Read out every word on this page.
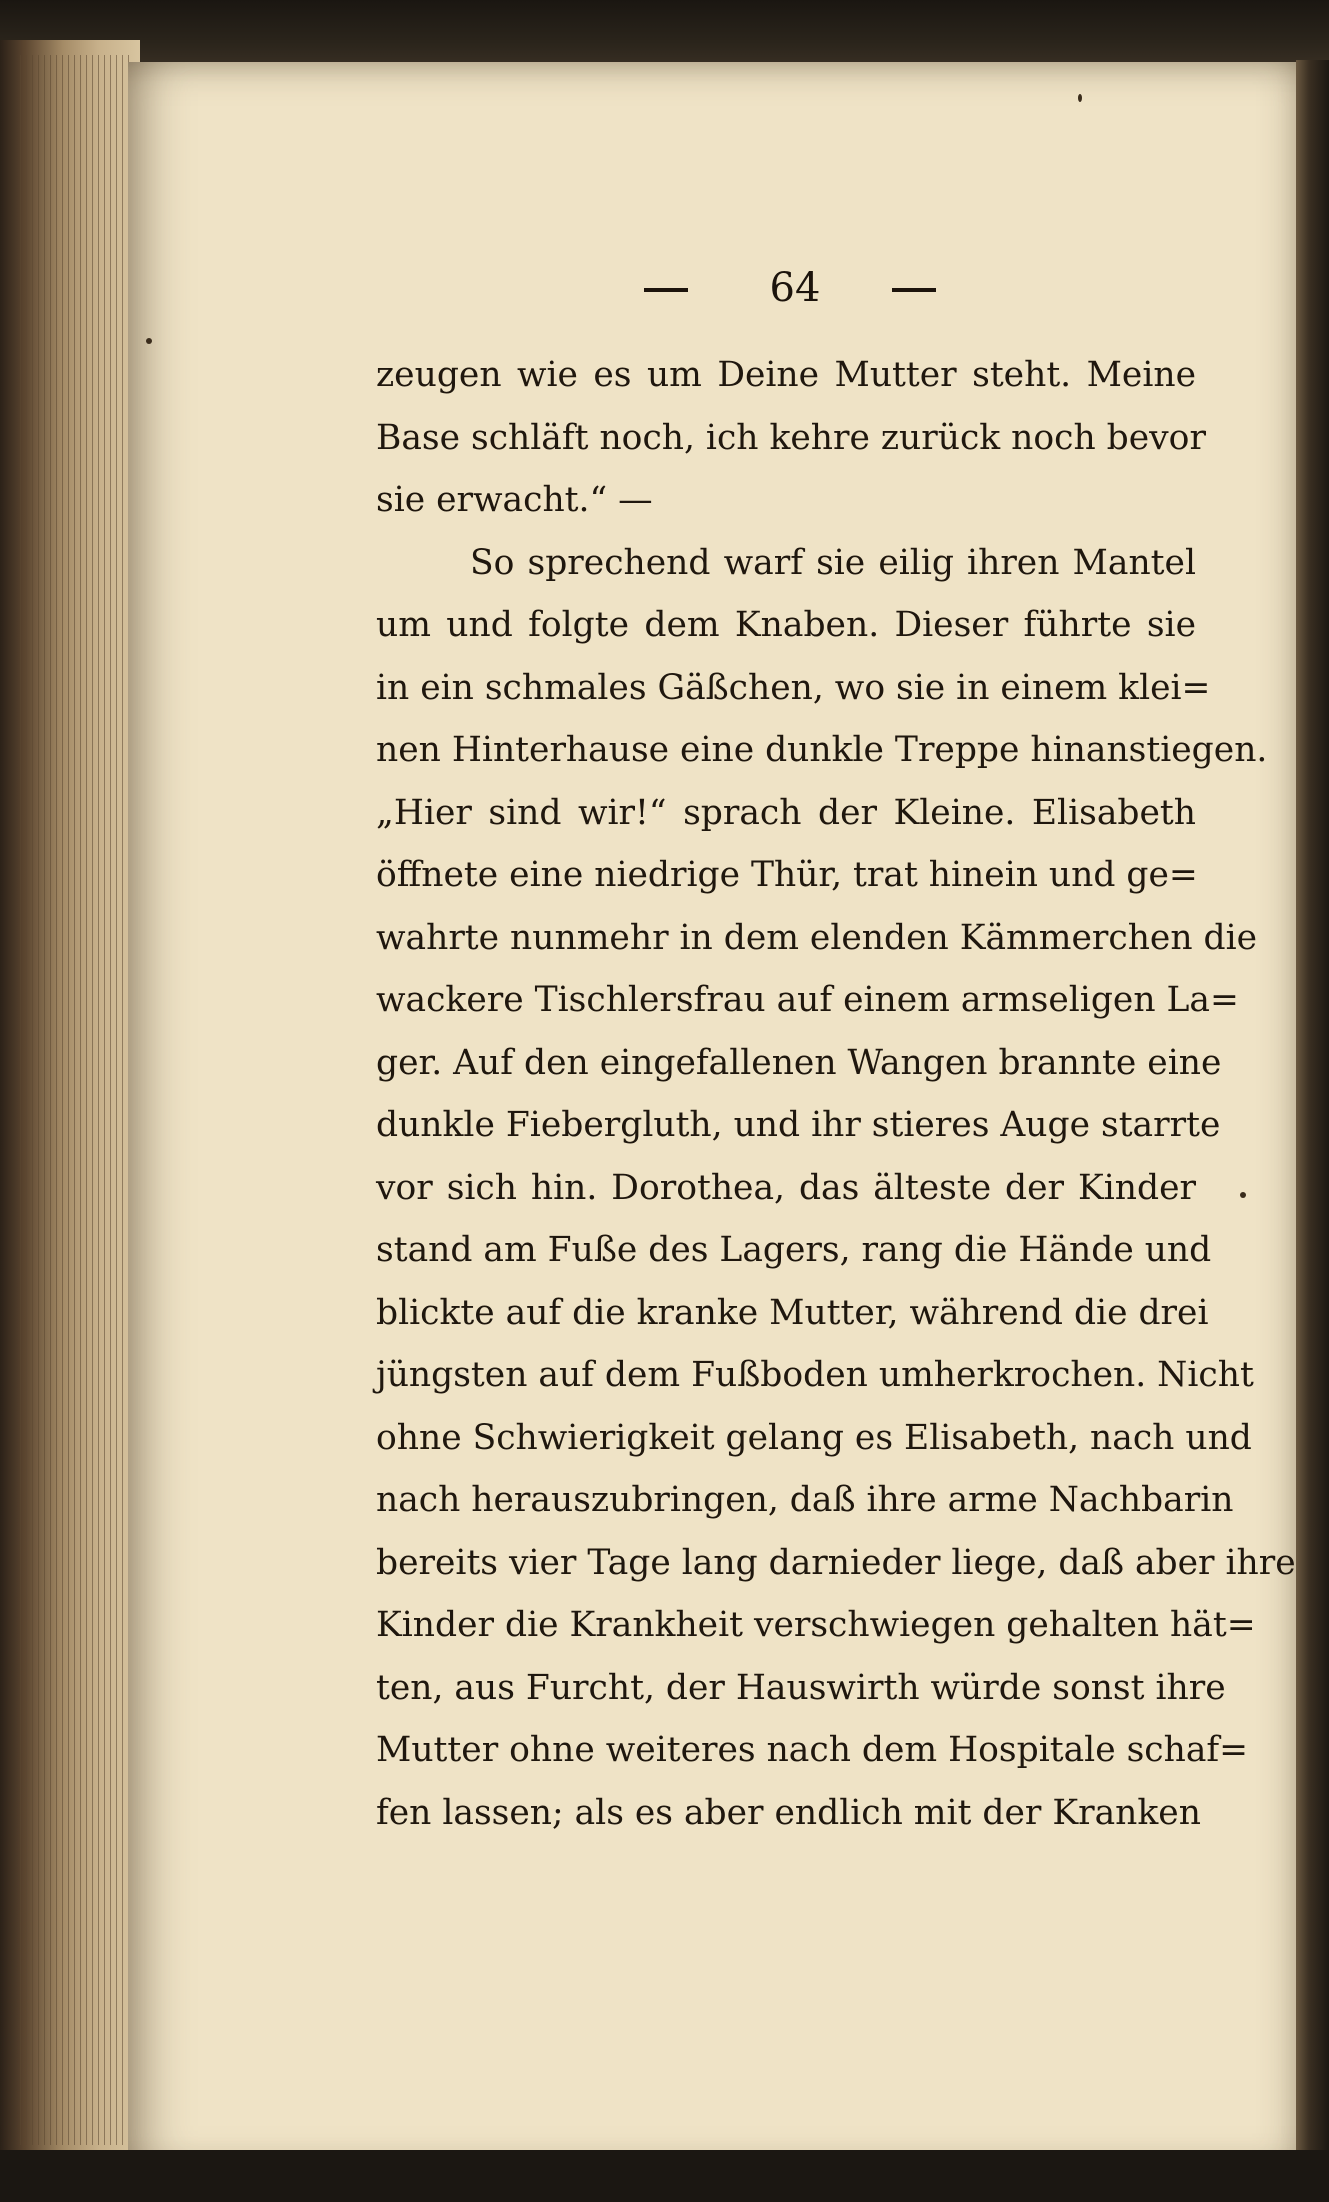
64
zeugen wie es um Deine Mutter steht. Meine
Base schläft noch, ich kehre zurück noch bevor
sie erwacht.“ —
So sprechend warf sie eilig ihren Mantel
um und folgte dem Knaben. Dieser führte sie
in ein schmales Gäßchen, wo sie in einem klei=
nen Hinterhause eine dunkle Treppe hinanstiegen.
„Hier sind wir!“ sprach der Kleine. Elisabeth
öffnete eine niedrige Thür, trat hinein und ge=
wahrte nunmehr in dem elenden Kämmerchen die
wackere Tischlersfrau auf einem armseligen La=
ger. Auf den eingefallenen Wangen brannte eine
dunkle Fiebergluth, und ihr stieres Auge starrte
vor sich hin. Dorothea, das älteste der Kinder
stand am Fuße des Lagers, rang die Hände und
blickte auf die kranke Mutter, während die drei
jüngsten auf dem Fußboden umherkrochen. Nicht
ohne Schwierigkeit gelang es Elisabeth, nach und
nach herauszubringen, daß ihre arme Nachbarin
bereits vier Tage lang darnieder liege, daß aber ihre
Kinder die Krankheit verschwiegen gehalten hät=
ten, aus Furcht, der Hauswirth würde sonst ihre
Mutter ohne weiteres nach dem Hospitale schaf=
fen lassen; als es aber endlich mit der Kranken
